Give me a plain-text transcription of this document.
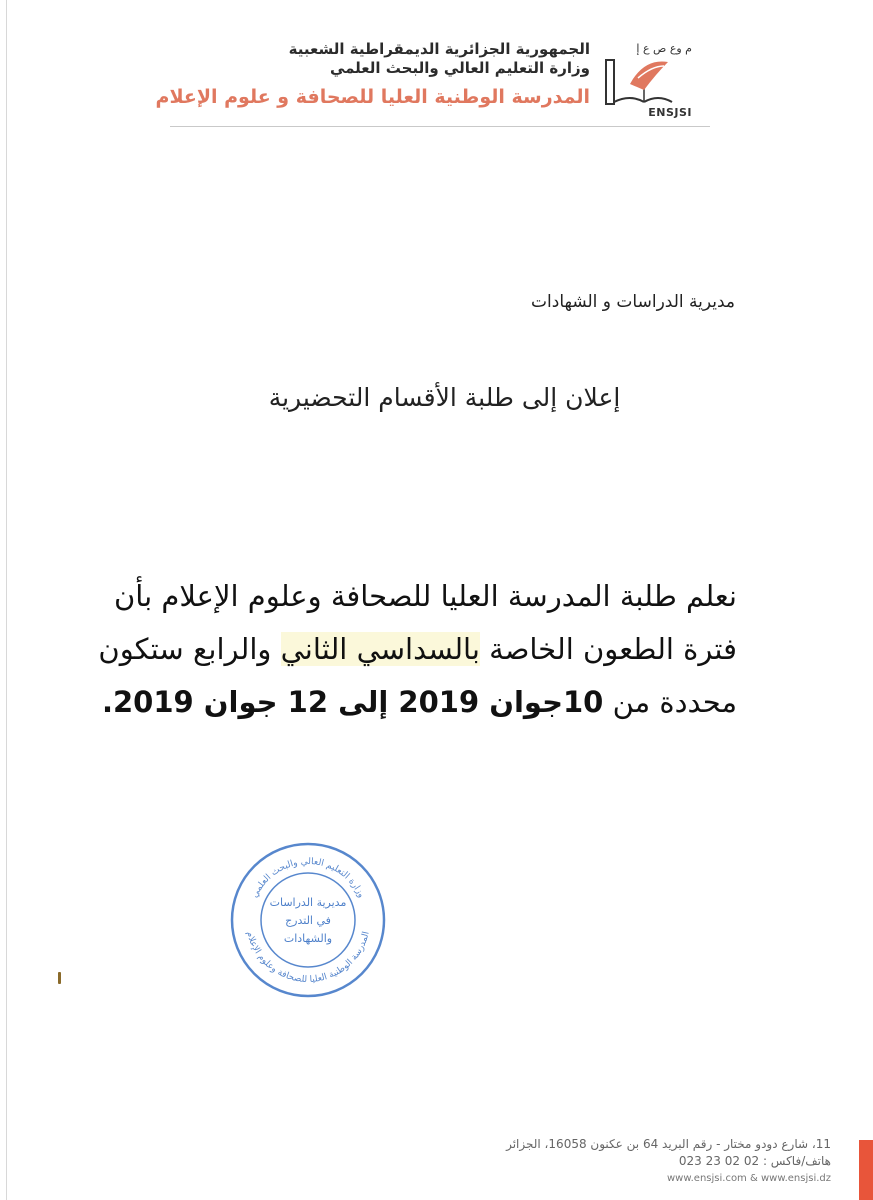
الجمهورية الجزائرية الديمقراطية الشعبية
وزارة التعليم العالي والبحث العلمي
المدرسة الوطنية العليا للصحافة و علوم الإعلام
م وع ص ع إ
ENSJSI
مديرية الدراسات و الشهادات
إعلان إلى طلبة الأقسام التحضيرية
نعلم طلبة المدرسة العليا للصحافة وعلوم الإعلام بأن فترة الطعون الخاصة بالسداسي الثاني والرابع ستكون محددة من 10جوان 2019 إلى 12 جوان 2019.
وزارة التعليم العالي والبحث العلمي
المدرسة الوطنية العليا للصحافة وعلوم الإعلام
مديرية الدراسات
في التدرج
والشهادات
11، شارع دودو مختار - رقم البريد 64 بن عكنون 16058، الجزائر
هاتف/فاكس : 02 02 23 023
www.ensjsi.com & www.ensjsi.dz
